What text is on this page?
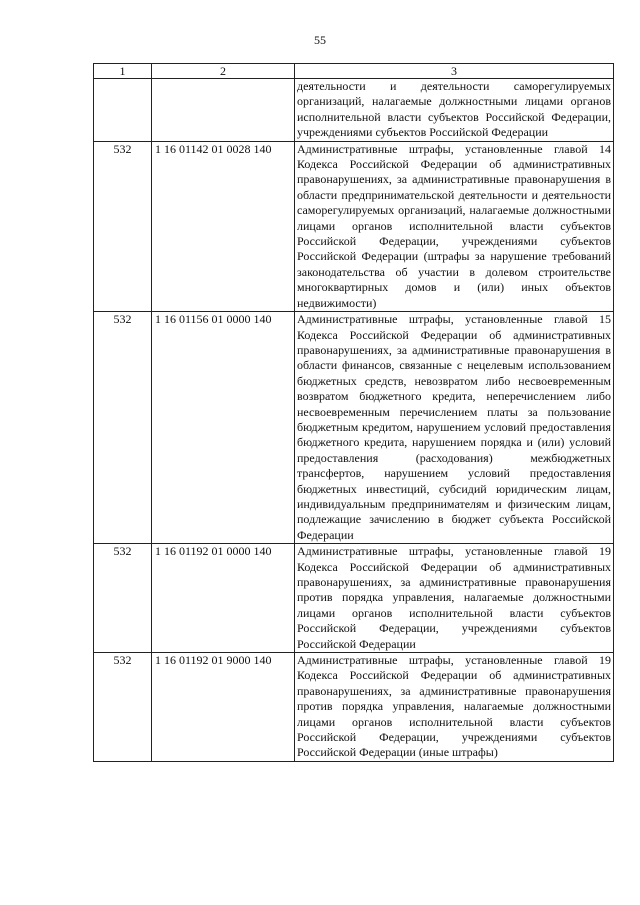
55
1	2	3
		деятельности и деятельности саморегулируемых организаций, налагаемые должностными лицами органов исполнительной власти субъектов Российской Федерации, учреждениями субъектов Российской Федерации
532	1 16 01142 01 0028 140	Административные штрафы, установленные главой 14 Кодекса Российской Федерации об административных правонарушениях, за административные правонарушения в области предпринимательской деятельности и деятельности саморегулируемых организаций, налагаемые должностными лицами органов исполнительной власти субъектов Российской Федерации, учреждениями субъектов Российской Федерации (штрафы за нарушение требований законодательства об участии в долевом строительстве многоквартирных домов и (или) иных объектов недвижимости)
532	1 16 01156 01 0000 140	Административные штрафы, установленные главой 15 Кодекса Российской Федерации об административных правонарушениях, за административные правонарушения в области финансов, связанные с нецелевым использованием бюджетных средств, невозвратом либо несвоевременным возвратом бюджетного кредита, неперечислением либо несвоевременным перечислением платы за пользование бюджетным кредитом, нарушением условий предоставления бюджетного кредита, нарушением порядка и (или) условий предоставления (расходования) межбюджетных трансфертов, нарушением условий предоставления бюджетных инвестиций, субсидий юридическим лицам, индивидуальным предпринимателям и физическим лицам, подлежащие зачислению в бюджет субъекта Российской Федерации
532	1 16 01192 01 0000 140	Административные штрафы, установленные главой 19 Кодекса Российской Федерации об административных правонарушениях, за административные правонарушения против порядка управления, налагаемые должностными лицами органов исполнительной власти субъектов Российской Федерации, учреждениями субъектов Российской Федерации
532	1 16 01192 01 9000 140	Административные штрафы, установленные главой 19 Кодекса Российской Федерации об административных правонарушениях, за административные правонарушения против порядка управления, налагаемые должностными лицами органов исполнительной власти субъектов Российской Федерации, учреждениями субъектов Российской Федерации (иные штрафы)
